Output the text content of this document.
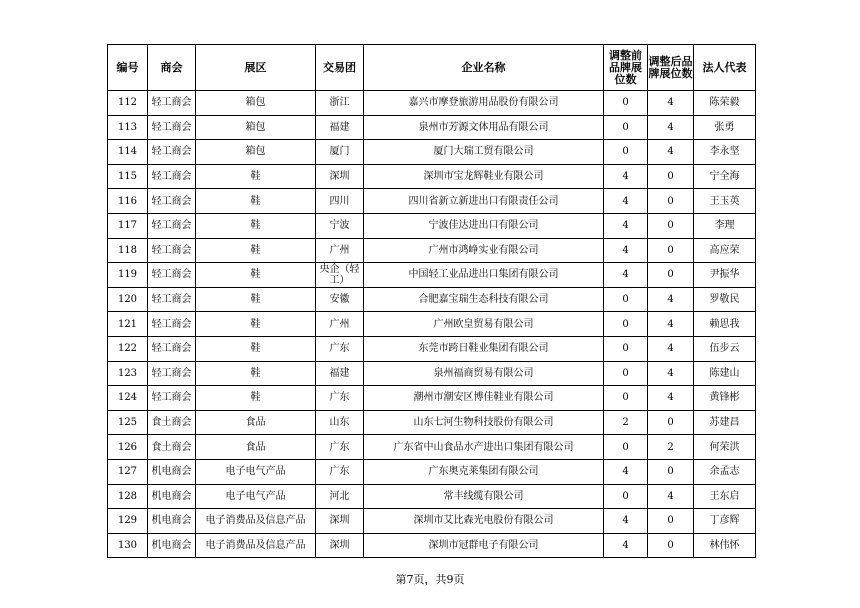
编号	商会	展区	交易团	企业名称	调整前品牌展位数	调整后品牌展位数	法人代表
112	轻工商会	箱包	浙江	嘉兴市摩登旅游用品股份有限公司	0	4	陈荣毅
113	轻工商会	箱包	福建	泉州市芳源文体用品有限公司	0	4	张勇
114	轻工商会	箱包	厦门	厦门大瑞工贸有限公司	0	4	李永坚
115	轻工商会	鞋	深圳	深圳市宝龙辉鞋业有限公司	4	0	宁全海
116	轻工商会	鞋	四川	四川省新立新进出口有限责任公司	4	0	王玉英
117	轻工商会	鞋	宁波	宁波佳达进出口有限公司	4	0	李理
118	轻工商会	鞋	广州	广州市鸿峥实业有限公司	4	0	高应荣
119	轻工商会	鞋	央企（轻工）	中国轻工业品进出口集团有限公司	4	0	尹振华
120	轻工商会	鞋	安徽	合肥嘉宝瑞生态科技有限公司	0	4	罗敬民
121	轻工商会	鞋	广州	广州欧皇贸易有限公司	0	4	赖思我
122	轻工商会	鞋	广东	东莞市跨日鞋业集团有限公司	0	4	伍步云
123	轻工商会	鞋	福建	泉州福商贸易有限公司	0	4	陈建山
124	轻工商会	鞋	广东	潮州市潮安区博佳鞋业有限公司	0	4	黄锋彬
125	食土商会	食品	山东	山东七河生物科技股份有限公司	2	0	苏建昌
126	食土商会	食品	广东	广东省中山食品水产进出口集团有限公司	0	2	何荣洪
127	机电商会	电子电气产品	广东	广东奥克莱集团有限公司	4	0	余孟志
128	机电商会	电子电气产品	河北	常丰线缆有限公司	0	4	王东启
129	机电商会	电子消费品及信息产品	深圳	深圳市艾比森光电股份有限公司	4	0	丁彦辉
130	机电商会	电子消费品及信息产品	深圳	深圳市冠群电子有限公司	4	0	林伟怀
第7页，共9页
